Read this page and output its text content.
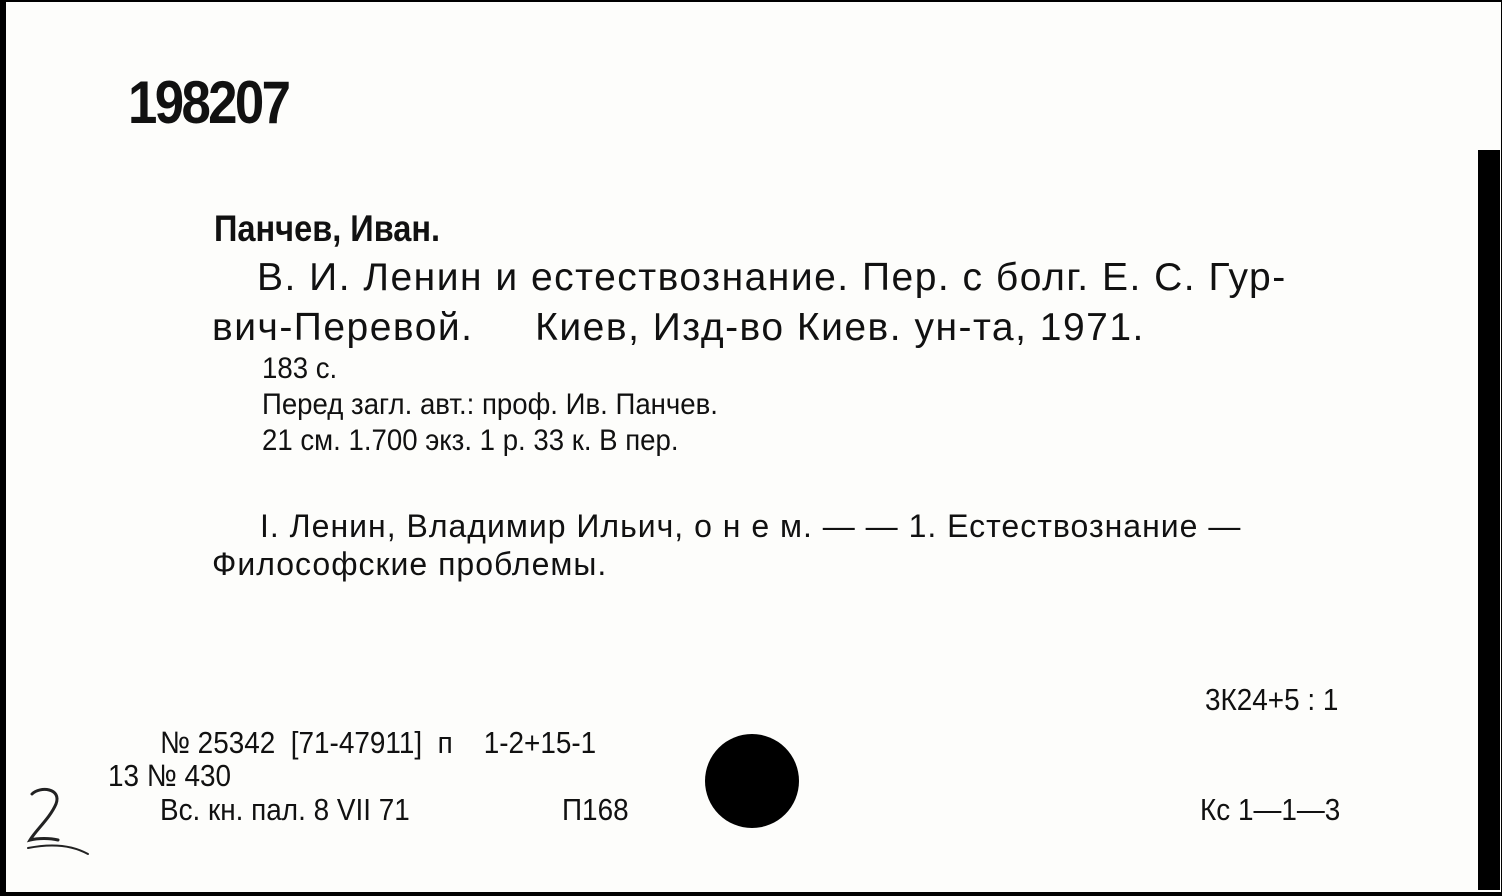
198207
Панчев, Иван.
В. И. Ленин и естествознание. Пер. с болг. Е. С. Гур-
вич-Перевой.     Киев, Изд-во Киев. ун-та, 1971.
183 с.
Перед загл. авт.: проф. Ив. Панчев.
21 см. 1.700 экз. 1 р. 33 к. В пер.
I. Ленин, Владимир Ильич, о н е м. — — 1. Естествознание —
Философские проблемы.
3К24+5 : 1
№ 25342  [71-47911]  п    1-2+15-1
13 № 430
Вс. кн. пал. 8 VII 71	П168	Кс 1—1—3
